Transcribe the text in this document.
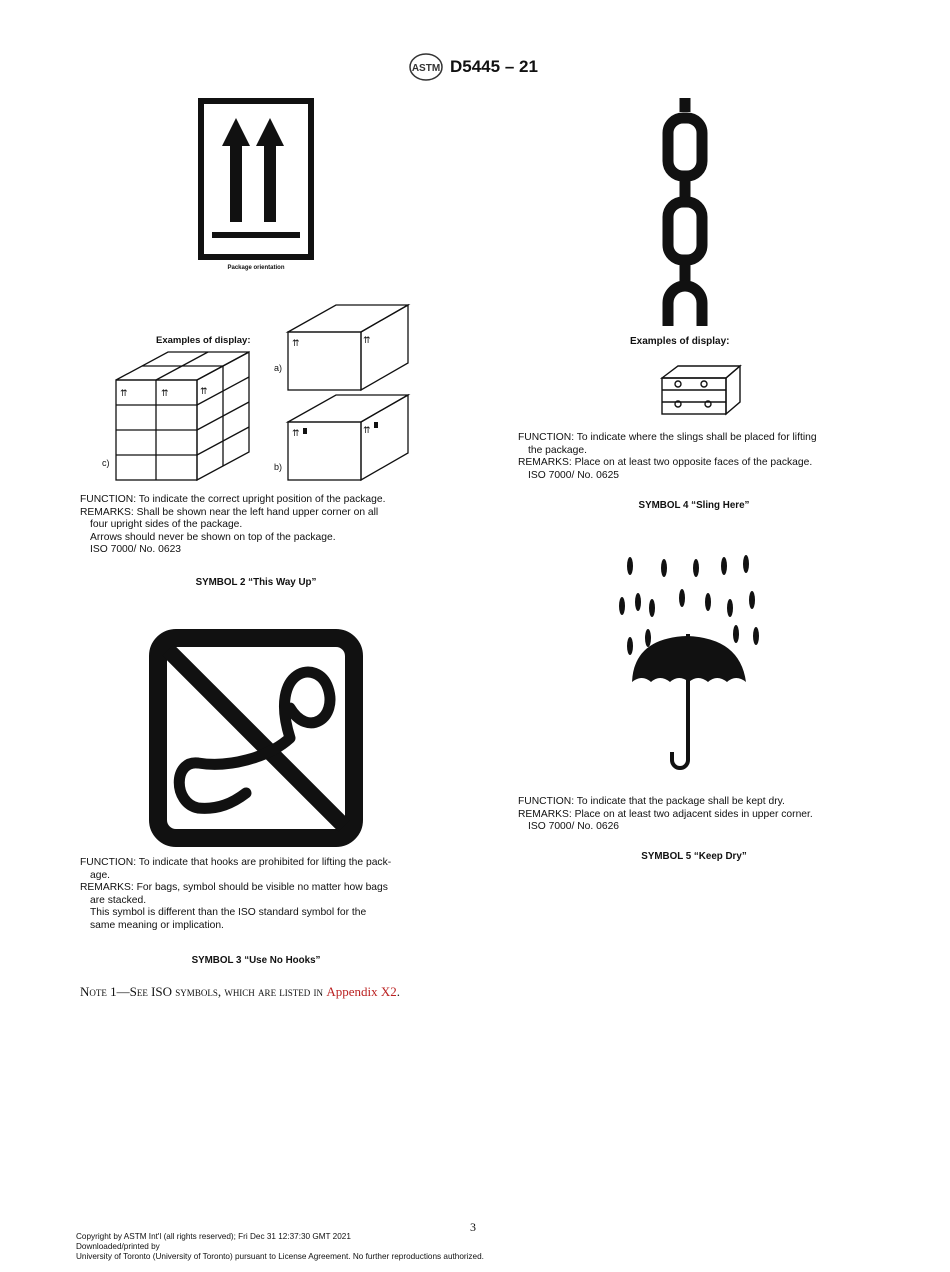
ASTM D5445 – 21
Package orientation
⇈	⇈	⇈
⇈	⇈
⇈	⇈
Examples of display:
a)
b)
c)
FUNCTION: To indicate the correct upright position of the package.
REMARKS: Shall be shown near the left hand upper corner on all
four upright sides of the package.
Arrows should never be shown on top of the package.
ISO 7000/ No. 0623
SYMBOL 2 “This Way Up”
FUNCTION: To indicate that hooks are prohibited for lifting the pack-
age.
REMARKS: For bags, symbol should be visible no matter how bags
are stacked.
This symbol is different than the ISO standard symbol for the
same meaning or implication.
SYMBOL 3 “Use No Hooks”
Note 1—See ISO symbols, which are listed in Appendix X2.
Examples of display:
FUNCTION: To indicate where the slings shall be placed for lifting
the package.
REMARKS: Place on at least two opposite faces of the package.
ISO 7000/ No. 0625
SYMBOL 4 “Sling Here”
FUNCTION: To indicate that the package shall be kept dry.
REMARKS: Place on at least two adjacent sides in upper corner.
ISO 7000/ No. 0626
SYMBOL 5 “Keep Dry”
3
Copyright by ASTM Int'l (all rights reserved); Fri Dec 31 12:37:30 GMT 2021
Downloaded/printed by
University of Toronto (University of Toronto) pursuant to License Agreement. No further reproductions authorized.
